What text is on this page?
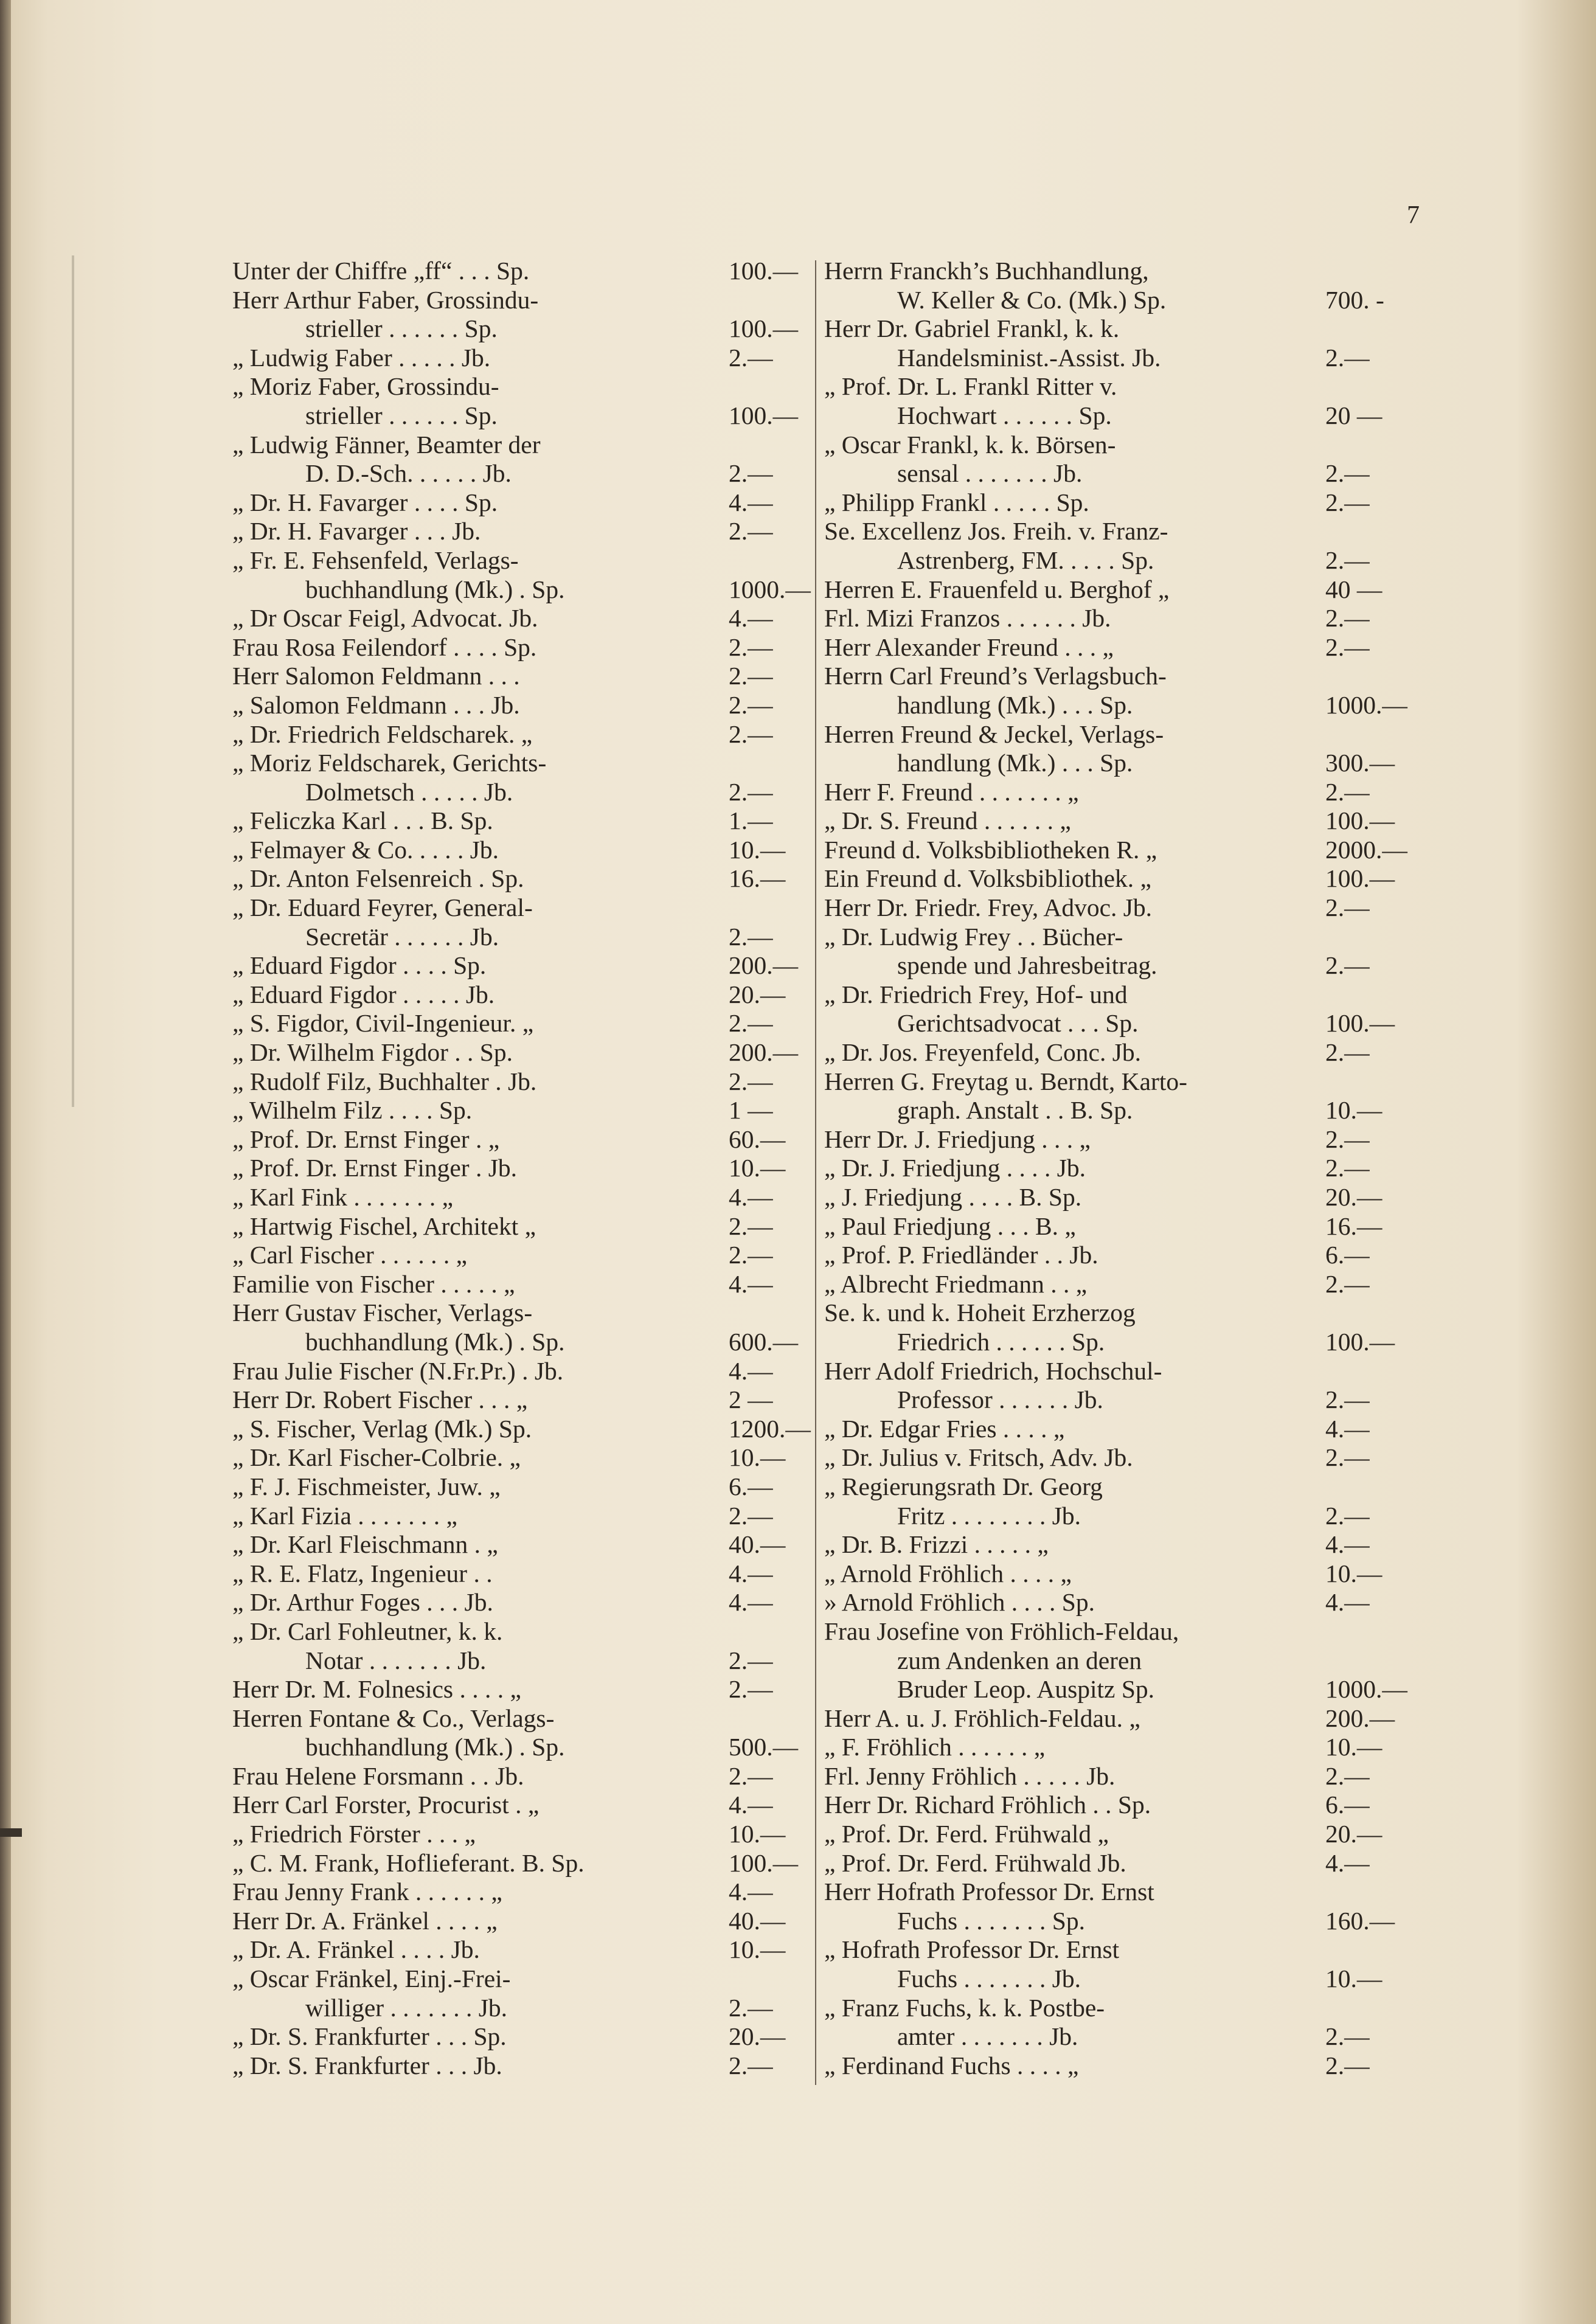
7
Unter der Chiffre „ff“ . . . Sp.	100.—
Herr Arthur Faber, Grossindu-
strieller . . . . . . Sp.	100.—
„ Ludwig Faber . . . . . Jb.	2.—
„ Moriz Faber, Grossindu-
strieller . . . . . . Sp.	100.—
„ Ludwig Fänner, Beamter der
D. D.-Sch. . . . . . Jb.	2.—
„ Dr. H. Favarger . . . . Sp.	4.—
„ Dr. H. Favarger . . . Jb.	2.—
„ Fr. E. Fehsenfeld, Verlags-
buchhandlung (Mk.) . Sp.	1000.—
„ Dr Oscar Feigl, Advocat. Jb.	4.—
Frau Rosa Feilendorf . . . . Sp.	2.—
Herr Salomon Feldmann . . .	2.—
„ Salomon Feldmann . . . Jb.	2.—
„ Dr. Friedrich Feldscharek. „	2.—
„ Moriz Feldscharek, Gerichts-
Dolmetsch . . . . . Jb.	2.—
„ Feliczka Karl . . . B. Sp.	1.—
„ Felmayer & Co. . . . . Jb.	10.—
„ Dr. Anton Felsenreich . Sp.	16.—
„ Dr. Eduard Feyrer, General-
Secretär . . . . . . Jb.	2.—
„ Eduard Figdor . . . . Sp.	200.—
„ Eduard Figdor . . . . . Jb.	20.—
„ S. Figdor, Civil-Ingenieur. „	2.—
„ Dr. Wilhelm Figdor . . Sp.	200.—
„ Rudolf Filz, Buchhalter . Jb.	2.—
„ Wilhelm Filz . . . . Sp.	1 —
„ Prof. Dr. Ernst Finger . „	60.—
„ Prof. Dr. Ernst Finger . Jb.	10.—
„ Karl Fink . . . . . . . „	4.—
„ Hartwig Fischel, Architekt „	2.—
„ Carl Fischer . . . . . . „	2.—
Familie von Fischer . . . . . „	4.—
Herr Gustav Fischer, Verlags-
buchhandlung (Mk.) . Sp.	600.—
Frau Julie Fischer (N.Fr.Pr.) . Jb.	4.—
Herr Dr. Robert Fischer . . . „	2 —
„ S. Fischer, Verlag (Mk.) Sp.	1200.—
„ Dr. Karl Fischer-Colbrie. „	10.—
„ F. J. Fischmeister, Juw. „	6.—
„ Karl Fizia . . . . . . . „	2.—
„ Dr. Karl Fleischmann . „	40.—
„ R. E. Flatz, Ingenieur . .	4.—
„ Dr. Arthur Foges . . . Jb.	4.—
„ Dr. Carl Fohleutner, k. k.
Notar . . . . . . . Jb.	2.—
Herr Dr. M. Folnesics . . . . „	2.—
Herren Fontane & Co., Verlags-
buchhandlung (Mk.) . Sp.	500.—
Frau Helene Forsmann . . Jb.	2.—
Herr Carl Forster, Procurist . „	4.—
„ Friedrich Förster . . . „	10.—
„ C. M. Frank, Hoflieferant. B. Sp.	100.—
Frau Jenny Frank . . . . . . „	4.—
Herr Dr. A. Fränkel . . . . „	40.—
„ Dr. A. Fränkel . . . . Jb.	10.—
„ Oscar Fränkel, Einj.-Frei-
williger . . . . . . . Jb.	2.—
„ Dr. S. Frankfurter . . . Sp.	20.—
„ Dr. S. Frankfurter . . . Jb.	2.—
Herrn Franckh’s Buchhandlung,
W. Keller & Co. (Mk.) Sp.	700. -
Herr Dr. Gabriel Frankl, k. k.
Handelsminist.-Assist. Jb.	2.—
„ Prof. Dr. L. Frankl Ritter v.
Hochwart . . . . . . Sp.	20 —
„ Oscar Frankl, k. k. Börsen-
sensal . . . . . . . Jb.	2.—
„ Philipp Frankl . . . . . Sp.	2.—
Se. Excellenz Jos. Freih. v. Franz-
Astrenberg, FM. . . . . Sp.	2.—
Herren E. Frauenfeld u. Berghof „	40 —
Frl. Mizi Franzos . . . . . . Jb.	2.—
Herr Alexander Freund . . . „	2.—
Herrn Carl Freund’s Verlagsbuch-
handlung (Mk.) . . . Sp.	1000.—
Herren Freund & Jeckel, Verlags-
handlung (Mk.) . . . Sp.	300.—
Herr F. Freund . . . . . . . „	2.—
„ Dr. S. Freund . . . . . . „	100.—
Freund d. Volksbibliotheken R. „	2000.—
Ein Freund d. Volksbibliothek. „	100.—
Herr Dr. Friedr. Frey, Advoc. Jb.	2.—
„ Dr. Ludwig Frey . . Bücher-
spende und Jahresbeitrag.	2.—
„ Dr. Friedrich Frey, Hof- und
Gerichtsadvocat . . . Sp.	100.—
„ Dr. Jos. Freyenfeld, Conc. Jb.	2.—
Herren G. Freytag u. Berndt, Karto-
graph. Anstalt . . B. Sp.	10.—
Herr Dr. J. Friedjung . . . „	2.—
„ Dr. J. Friedjung . . . . Jb.	2.—
„ J. Friedjung . . . . B. Sp.	20.—
„ Paul Friedjung . . . B. „	16.—
„ Prof. P. Friedländer . . Jb.	6.—
„ Albrecht Friedmann . . „	2.—
Se. k. und k. Hoheit Erzherzog
Friedrich . . . . . . Sp.	100.—
Herr Adolf Friedrich, Hochschul-
Professor . . . . . . Jb.	2.—
„ Dr. Edgar Fries . . . . „	4.—
„ Dr. Julius v. Fritsch, Adv. Jb.	2.—
„ Regierungsrath Dr. Georg
Fritz . . . . . . . . Jb.	2.—
„ Dr. B. Frizzi . . . . . „	4.—
„ Arnold Fröhlich . . . . „	10.—
» Arnold Fröhlich . . . . Sp.	4.—
Frau Josefine von Fröhlich-Feldau,
zum Andenken an deren
Bruder Leop. Auspitz Sp.	1000.—
Herr A. u. J. Fröhlich-Feldau. „	200.—
„ F. Fröhlich . . . . . . „	10.—
Frl. Jenny Fröhlich . . . . . Jb.	2.—
Herr Dr. Richard Fröhlich . . Sp.	6.—
„ Prof. Dr. Ferd. Frühwald „	20.—
„ Prof. Dr. Ferd. Frühwald Jb.	4.—
Herr Hofrath Professor Dr. Ernst
Fuchs . . . . . . . Sp.	160.—
„ Hofrath Professor Dr. Ernst
Fuchs . . . . . . . Jb.	10.—
„ Franz Fuchs, k. k. Postbe-
amter . . . . . . . Jb.	2.—
„ Ferdinand Fuchs . . . . „	2.—
